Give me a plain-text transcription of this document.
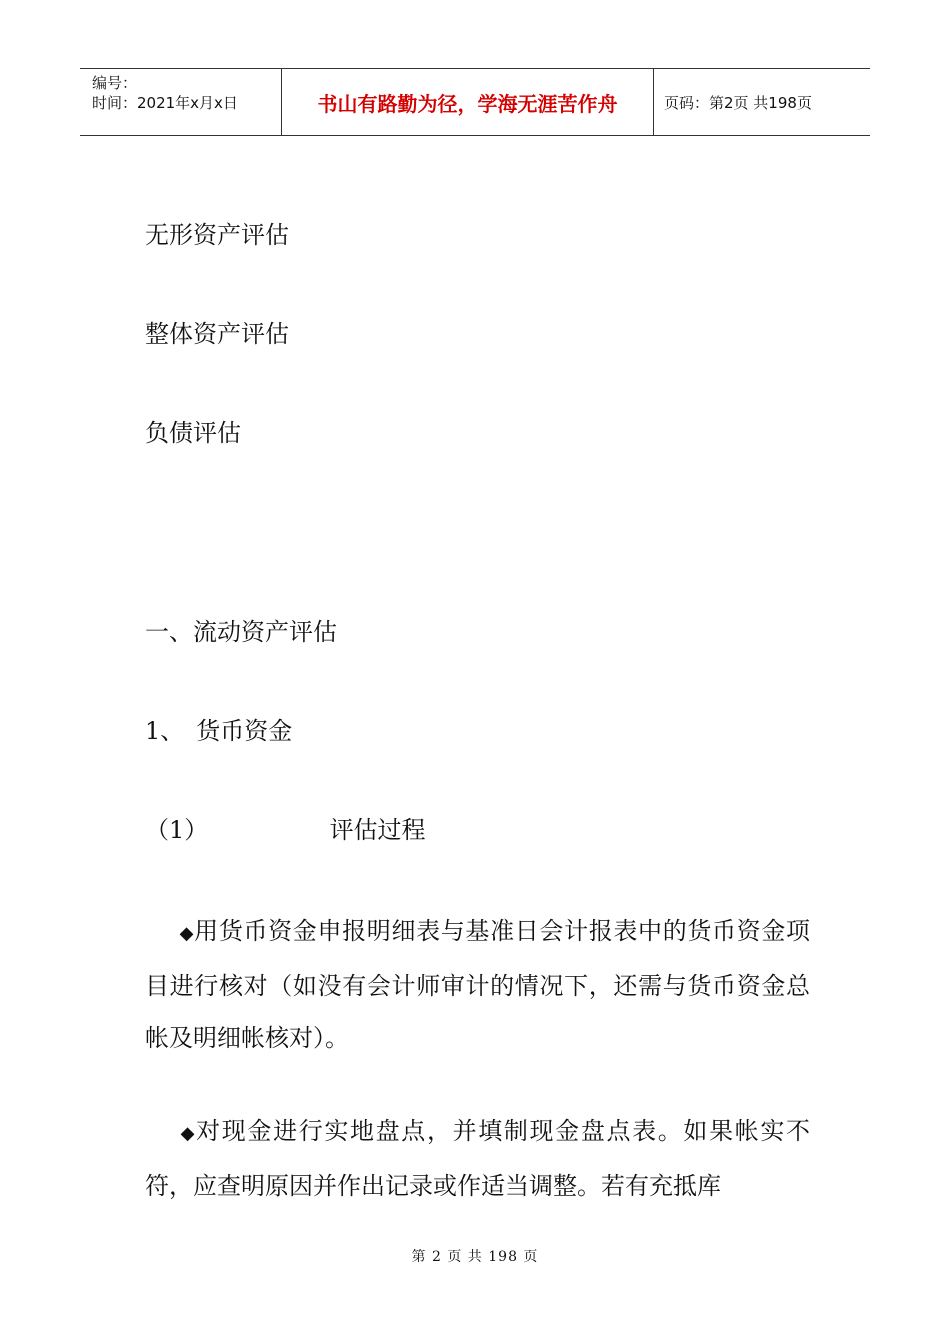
编号：
时间：2021年x月x日	书山有路勤为径，学海无涯苦作舟	页码：第2页 共198页
无形资产评估
整体资产评估
负债评估
一、流动资产评估
1、　货币资金
（1）	评估过程
◆用货币资金申报明细表与基准日会计报表中的货币资金项目进行核对（如没有会计师审计的情况下，还需与货币资金总帐及明细帐核对）。
◆对现金进行实地盘点，并填制现金盘点表。如果帐实不符，应查明原因并作出记录或作适当调整。若有充抵库
第 2 页 共 198 页
